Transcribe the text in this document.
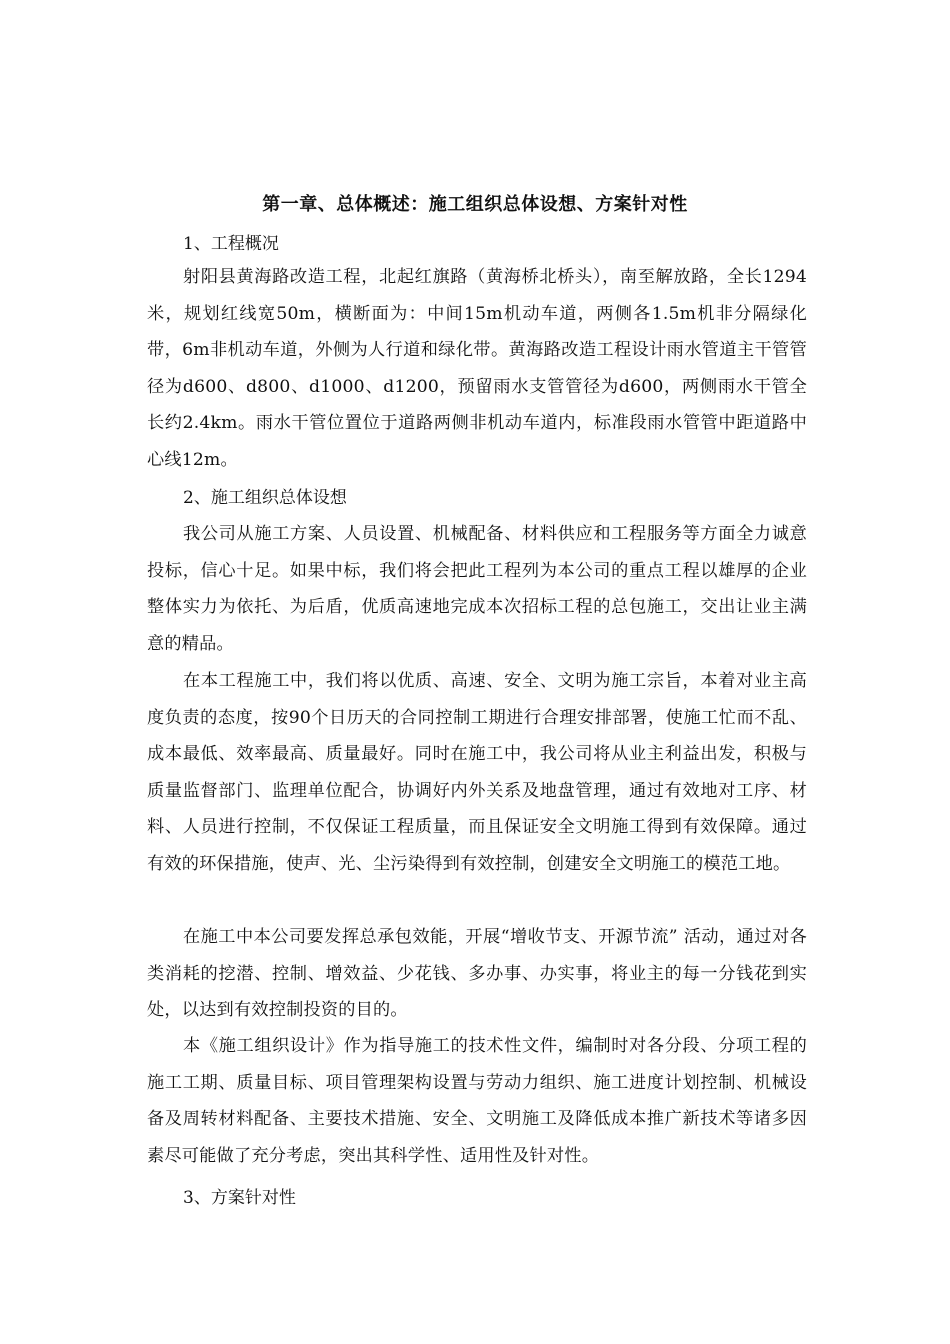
第一章、总体概述：施工组织总体设想、方案针对性
1、工程概况

射阳县黄海路改造工程，北起红旗路（黄海桥北桥头），南至解放路，全长1294米，规划红线宽50m，横断面为：中间15m机动车道，两侧各1.5m机非分隔绿化带，6m非机动车道，外侧为人行道和绿化带。黄海路改造工程设计雨水管道主干管管径为d600、d800、d1000、d1200，预留雨水支管管径为d600，两侧雨水干管全长约2.4km。雨水干管位置位于道路两侧非机动车道内，标准段雨水管管中距道路中心线12m。

2、施工组织总体设想

我公司从施工方案、人员设置、机械配备、材料供应和工程服务等方面全力诚意投标，信心十足。如果中标，我们将会把此工程列为本公司的重点工程以雄厚的企业整体实力为依托、为后盾，优质高速地完成本次招标工程的总包施工，交出让业主满意的精品。

在本工程施工中，我们将以优质、高速、安全、文明为施工宗旨，本着对业主高度负责的态度，按90个日历天的合同控制工期进行合理安排部署，使施工忙而不乱、成本最低、效率最高、质量最好。同时在施工中，我公司将从业主利益出发，积极与质量监督部门、监理单位配合，协调好内外关系及地盘管理，通过有效地对工序、材料、人员进行控制，不仅保证工程质量，而且保证安全文明施工得到有效保障。通过有效的环保措施，使声、光、尘污染得到有效控制，创建安全文明施工的模范工地。

在施工中本公司要发挥总承包效能，开展“增收节支、开源节流” 活动，通过对各类消耗的挖潜、控制、增效益、少花钱、多办事、办实事，将业主的每一分钱花到实处，以达到有效控制投资的目的。

本《施工组织设计》作为指导施工的技术性文件，编制时对各分段、分项工程的施工工期、质量目标、项目管理架构设置与劳动力组织、施工进度计划控制、机械设备及周转材料配备、主要技术措施、安全、文明施工及降低成本推广新技术等诸多因素尽可能做了充分考虑，突出其科学性、适用性及针对性。

3、方案针对性
